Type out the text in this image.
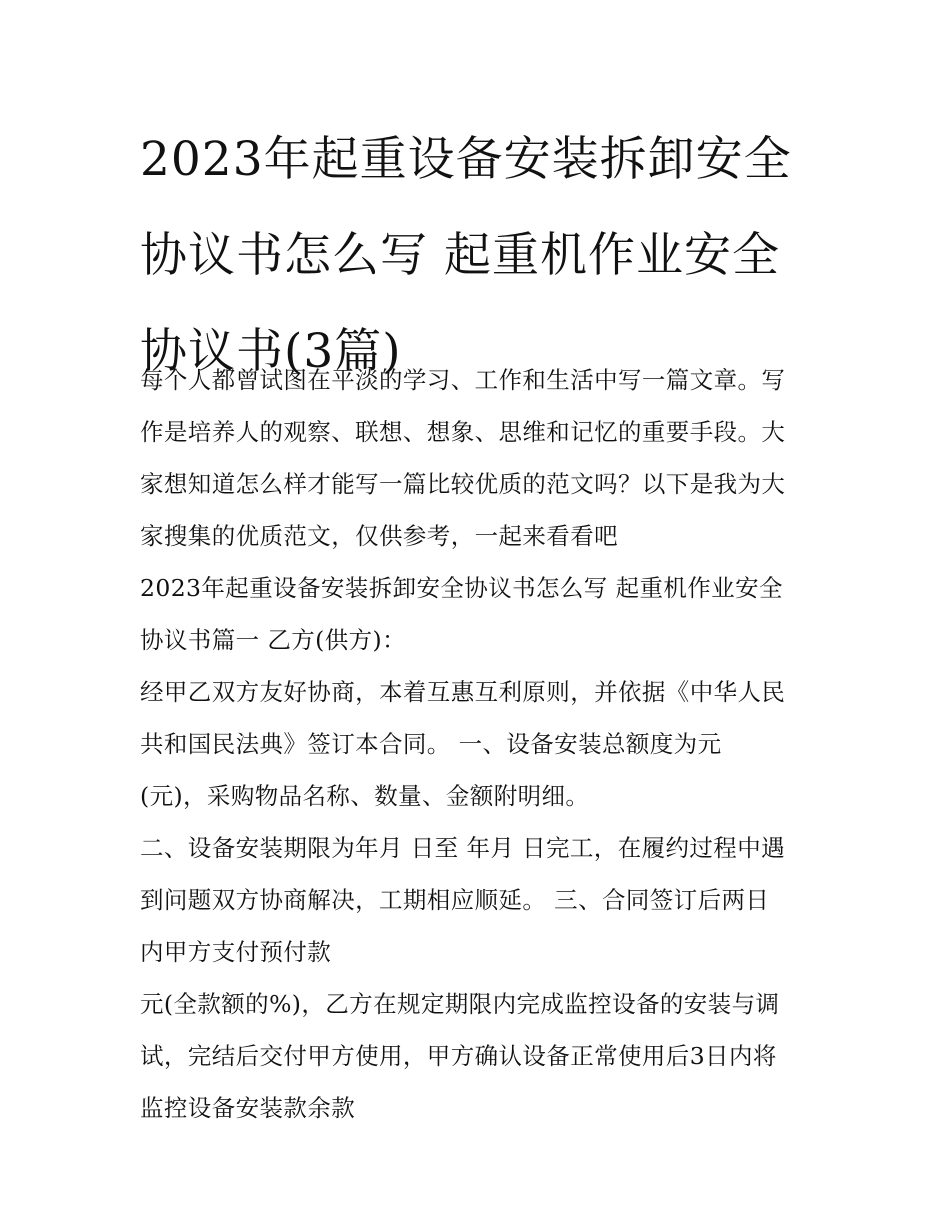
2023年起重设备安装拆卸安全
协议书怎么写 起重机作业安全
协议书(3篇)

每个人都曾试图在平淡的学习、工作和生活中写一篇文章。写
作是培养人的观察、联想、想象、思维和记忆的重要手段。大
家想知道怎么样才能写一篇比较优质的范文吗？以下是我为大
家搜集的优质范文，仅供参考，一起来看看吧

2023年起重设备安装拆卸安全协议书怎么写 起重机作业安全
协议书篇一 乙方(供方)：

经甲乙双方友好协商，本着互惠互利原则，并依据《中华人民
共和国民法典》签订本合同。 一、设备安装总额度为元
(元)，采购物品名称、数量、金额附明细。

二、设备安装期限为年月 日至 年月 日完工，在履约过程中遇
到问题双方协商解决，工期相应顺延。 三、合同签订后两日
内甲方支付预付款

元(全款额的%)，乙方在规定期限内完成监控设备的安装与调
试，完结后交付甲方使用，甲方确认设备正常使用后3日内将
监控设备安装款余款
